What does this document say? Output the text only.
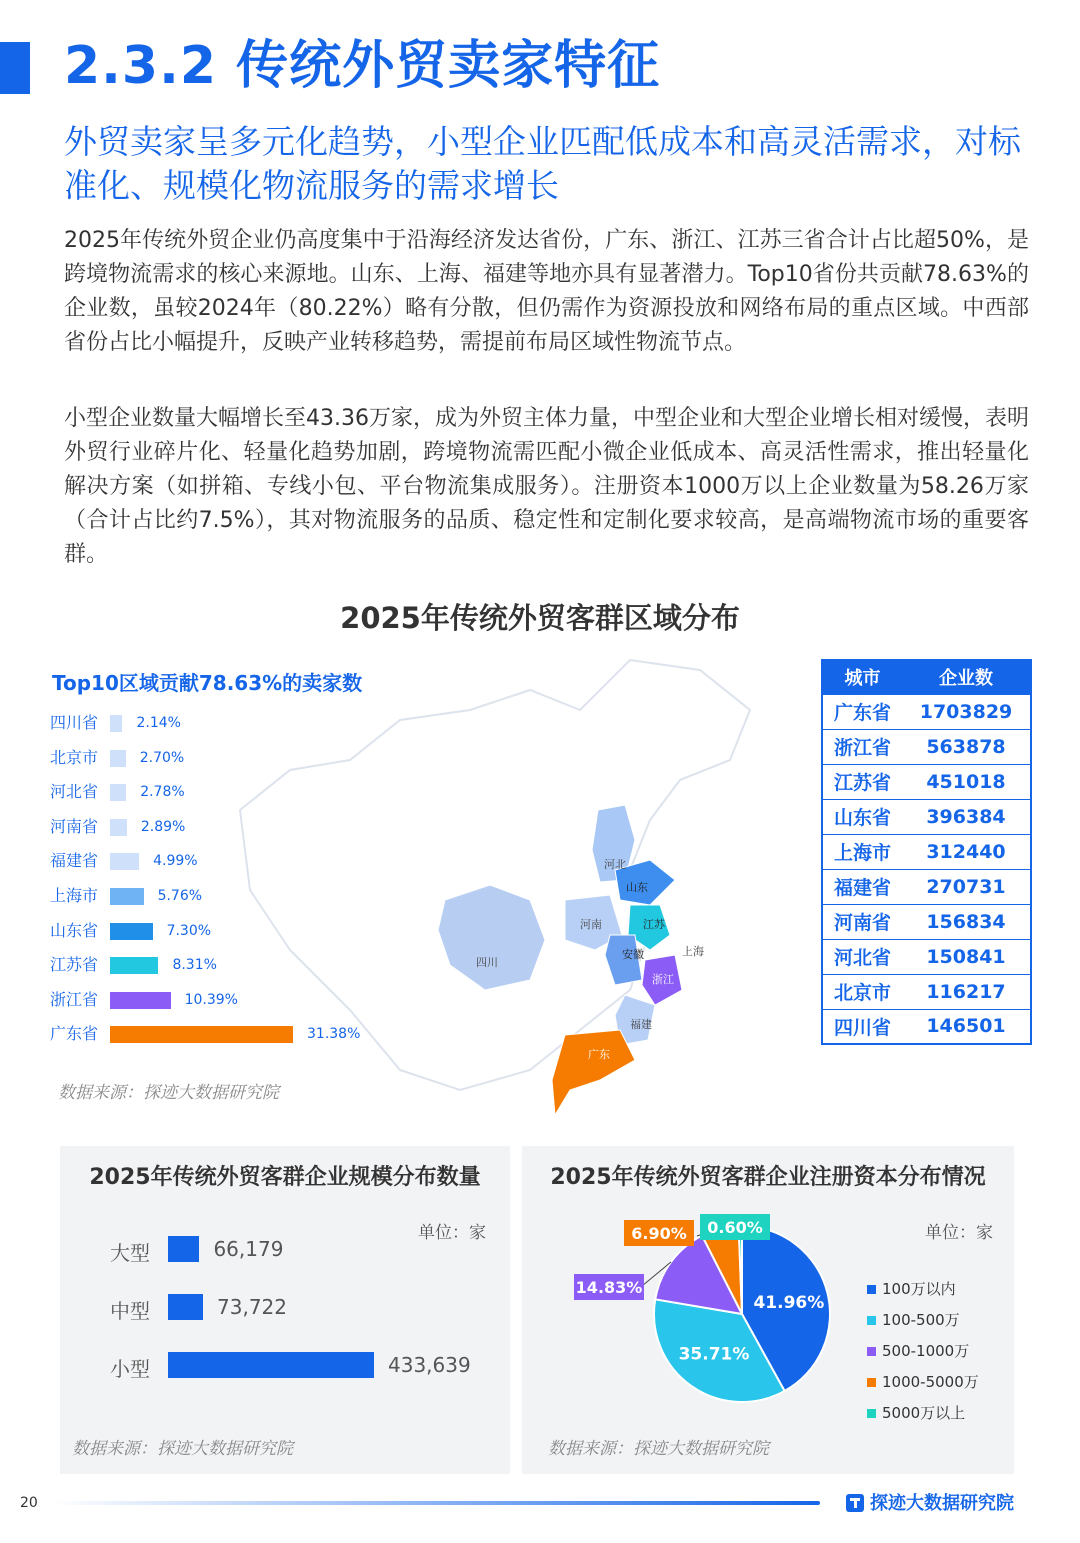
2.3.2 传统外贸卖家特征
外贸卖家呈多元化趋势，小型企业匹配低成本和高灵活需求，对标准化、规模化物流服务的需求增长
2025年传统外贸企业仍高度集中于沿海经济发达省份，广东、浙江、江苏三省合计占比超50%，是跨境物流需求的核心来源地。山东、上海、福建等地亦具有显著潜力。Top10省份共贡献78.63%的企业数，虽较2024年（80.22%）略有分散，但仍需作为资源投放和网络布局的重点区域。中西部省份占比小幅提升，反映产业转移趋势，需提前布局区域性物流节点。
小型企业数量大幅增长至43.36万家，成为外贸主体力量，中型企业和大型企业增长相对缓慢，表明外贸行业碎片化、轻量化趋势加剧，跨境物流需匹配小微企业低成本、高灵活性需求，推出轻量化解决方案（如拼箱、专线小包、平台物流集成服务）。注册资本1000万以上企业数量为58.26万家（合计占比约7.5%），其对物流服务的品质、稳定性和定制化要求较高，是高端物流市场的重要客群。
2025年传统外贸客群区域分布
Top10区域贡献78.63%的卖家数
四川省	2.14%
北京市	2.70%
河北省	2.78%
河南省	2.89%
福建省	4.99%
上海市	5.76%
山东省	7.30%
江苏省	8.31%
浙江省	10.39%
广东省	31.38%
数据来源：探迹大数据研究院
河北
山东
河南	江苏
安徽	上海
四川
浙江
福建
广东
城市	企业数
广东省	1703829
浙江省	563878
江苏省	451018
山东省	396384
上海市	312440
福建省	270731
河南省	156834
河北省	150841
北京市	116217
四川省	146501
2025年传统外贸客群企业规模分布数量
单位：家
大型	66,179
中型	73,722
小型	433,639
数据来源：探迹大数据研究院
2025年传统外贸客群企业注册资本分布情况
单位：家
41.96%
35.71%
14.83%
6.90% 0.60%
100万以内
100-500万
500-1000万
1000-5000万
5000万以上
数据来源：探迹大数据研究院
20	探迹大数据研究院
